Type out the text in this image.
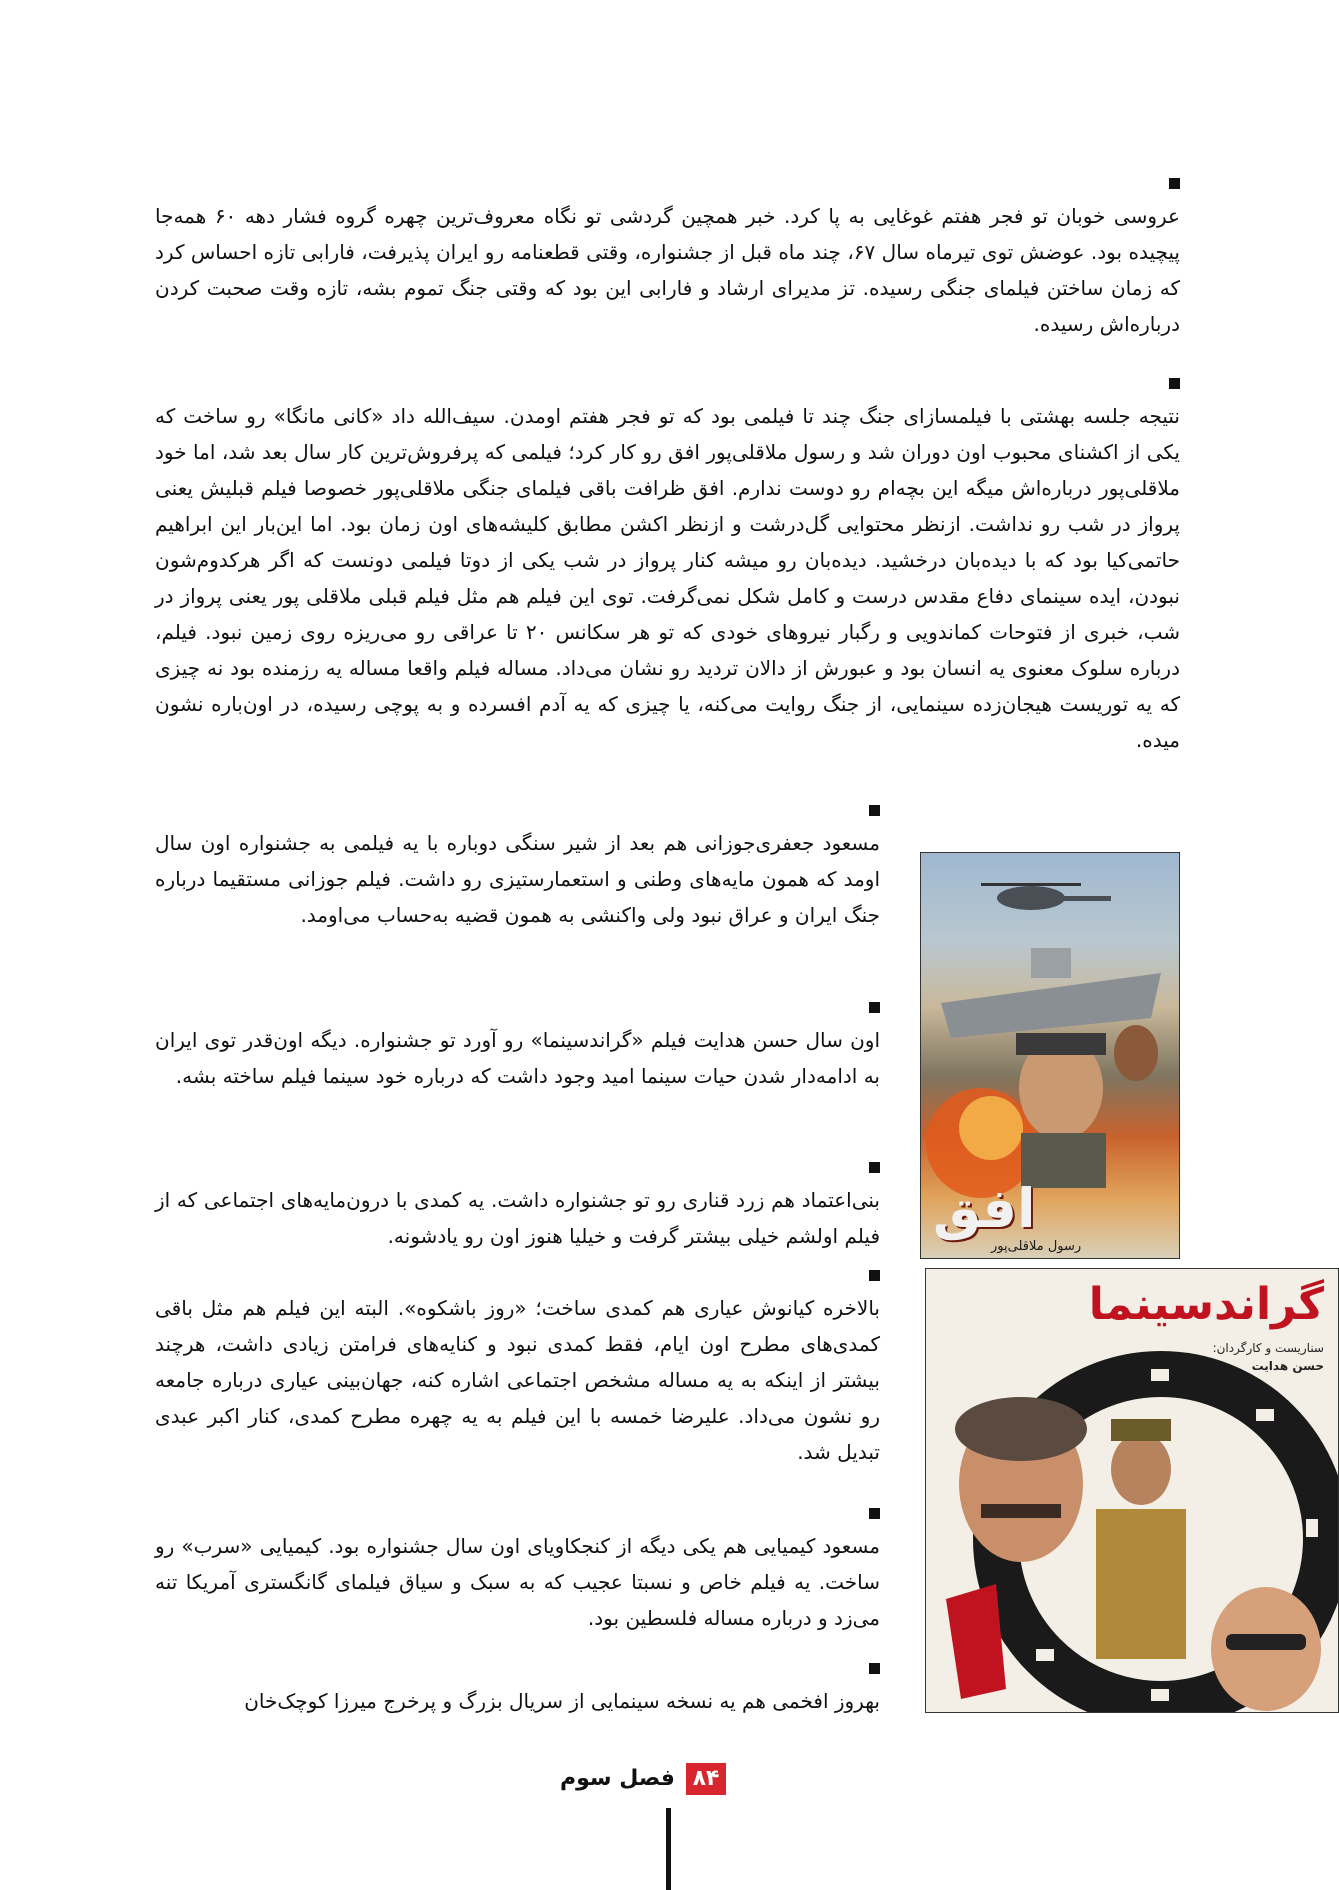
عروسی خوبان تو فجر هفتم غوغایی به پا کرد. خبر همچین گردشی تو نگاه معروف‌ترین چهره گروه فشار دهه ۶۰ همه‌جا پیچیده بود. عوضش توی تیرماه سال ۶۷، چند ماه قبل از جشنواره، وقتی قطعنامه رو ایران پذیرفت، فارابی تازه احساس کرد که زمان ساختن فیلمای جنگی رسیده. تز مدیرای ارشاد و فارابی این بود که وقتی جنگ تموم بشه، تازه وقت صحبت کردن درباره‌اش رسیده.

نتیجه جلسه بهشتی با فیلمسازای جنگ چند تا فیلمی بود که تو فجر هفتم اومدن. سیف‌الله داد «کانی مانگا» رو ساخت که یکی از اکشنای محبوب اون دوران شد و رسول ملاقلی‌پور افق رو کار کرد؛ فیلمی که پرفروش‌ترین کار سال بعد شد، اما خود ملاقلی‌پور درباره‌اش میگه این بچه‌ام رو دوست ندارم. افق ظرافت باقی فیلمای جنگی ملاقلی‌پور خصوصا فیلم قبلیش یعنی پرواز در شب رو نداشت. ازنظر محتوایی گل‌درشت و ازنظر اکشن مطابق کلیشه‌های اون زمان بود. اما این‌بار این ابراهیم حاتمی‌کیا بود که با دیده‌بان درخشید. دیده‌بان رو میشه کنار پرواز در شب یکی از دوتا فیلمی دونست که اگر هرکدوم‌شون نبودن، ایده سینمای دفاع مقدس درست و کامل شکل نمی‌گرفت. توی این فیلم هم مثل فیلم قبلی ملاقلی پور یعنی پرواز در شب، خبری از فتوحات کماندویی و رگبار نیروهای خودی که تو هر سکانس ۲۰ تا عراقی رو می‌ریزه روی زمین نبود. فیلم، درباره سلوک معنوی یه انسان بود و عبورش از دالان تردید رو نشان می‌داد. مساله فیلم واقعا مساله یه رزمنده بود نه چیزی که یه توریست هیجان‌زده سینمایی، از جنگ روایت می‌کنه، یا چیزی که یه آدم افسرده و به پوچی رسیده، در اون‌باره نشون میده.

مسعود جعفری‌جوزانی هم بعد از شیر سنگی دوباره با یه فیلمی به جشنواره اون سال اومد که همون مایه‌های وطنی و استعمارستیزی رو داشت. فیلم جوزانی مستقیما درباره جنگ ایران و عراق نبود ولی واکنشی به همون قضیه به‌حساب می‌اومد.

اون سال حسن هدایت فیلم «گراندسینما» رو آورد تو جشنواره. دیگه اون‌قدر توی ایران به ادامه‌دار شدن حیات سینما امید وجود داشت که درباره خود سینما فیلم ساخته بشه.

بنی‌اعتماد هم زرد قناری رو تو جشنواره داشت. یه کمدی با درون‌مایه‌های اجتماعی که از فیلم اولشم خیلی بیشتر گرفت و خیلیا هنوز اون رو یادشونه.

بالاخره کیانوش عیاری هم کمدی ساخت؛ «روز باشکوه». البته این فیلم هم مثل باقی کمدی‌های مطرح اون ایام، فقط کمدی نبود و کنایه‌های فرامتن زیادی داشت، هرچند بیشتر از اینکه به یه مساله مشخص اجتماعی اشاره کنه، جهان‌بینی عیاری درباره جامعه رو نشون می‌داد. علیرضا خمسه با این فیلم به یه چهره مطرح کمدی، کنار اکبر عبدی تبدیل شد.

مسعود کیمیایی هم یکی دیگه از کنجکاویای اون سال جشنواره بود. کیمیایی «سرب» رو ساخت. یه فیلم خاص و نسبتا عجیب که به سبک و سیاق فیلمای گانگستری آمریکا تنه می‌زد و درباره مساله فلسطین بود.

بهروز افخمی هم یه نسخه سینمایی از سریال بزرگ و پرخرج میرزا کوچک‌خان

افق

رسول ملاقلی‌پور

گراندسینما

سناریست و کارگردان:

حسن هدایت

فصل سوم ۸۴
